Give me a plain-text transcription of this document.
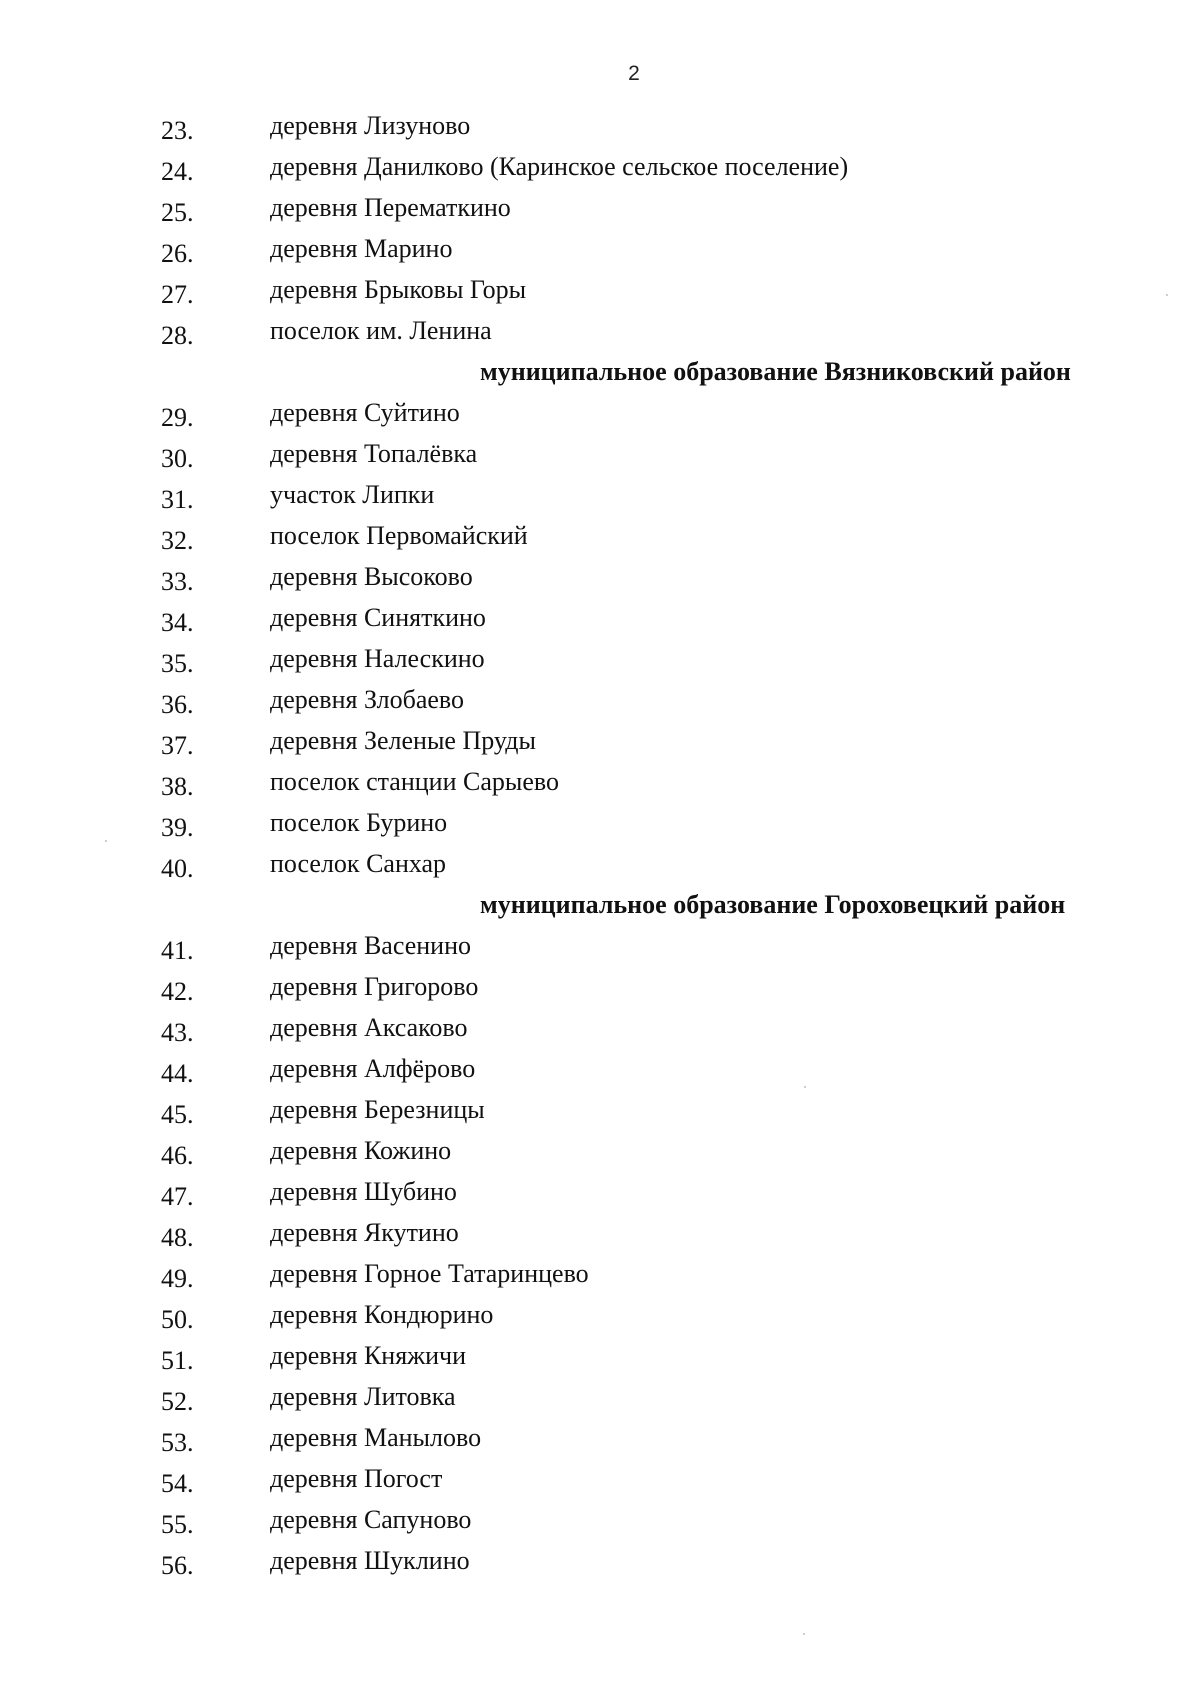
2
23.	деревня Лизуново
24.	деревня Данилково (Каринское сельское поселение)
25.	деревня Перематкино
26.	деревня Марино
27.	деревня Брыковы Горы
28.	поселок им. Ленина
муниципальное образование Вязниковский район
29.	деревня Суйтино
30.	деревня Топалёвка
31.	участок Липки
32.	поселок Первомайский
33.	деревня Высоково
34.	деревня Синяткино
35.	деревня Налескино
36.	деревня Злобаево
37.	деревня Зеленые Пруды
38.	поселок станции Сарыево
39.	поселок Бурино
40.	поселок Санхар
муниципальное образование Гороховецкий район
41.	деревня Васенино
42.	деревня Григорово
43.	деревня Аксаково
44.	деревня Алфёрово
45.	деревня Березницы
46.	деревня Кожино
47.	деревня Шубино
48.	деревня Якутино
49.	деревня Горное Татаринцево
50.	деревня Кондюрино
51.	деревня Княжичи
52.	деревня Литовка
53.	деревня Манылово
54.	деревня Погост
55.	деревня Сапуново
56.	деревня Шуклино
